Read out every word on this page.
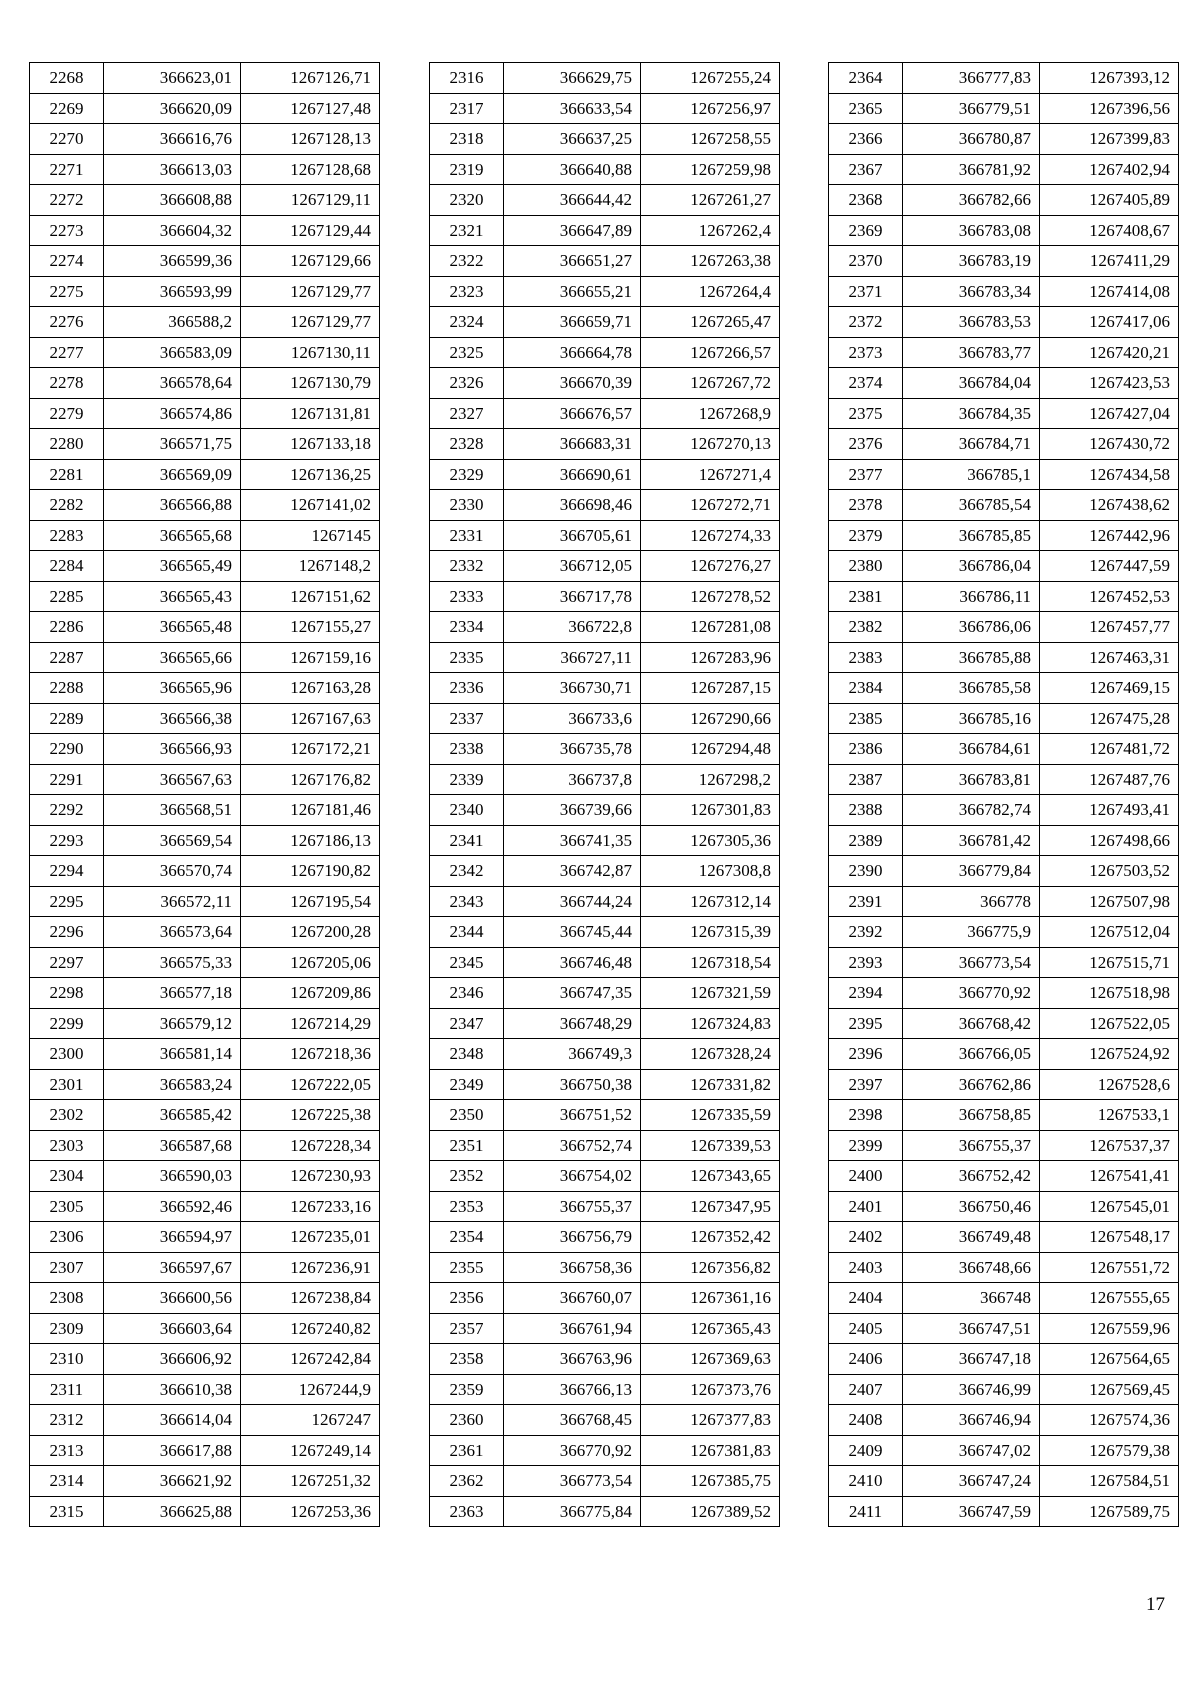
2268	366623,01	1267126,71
2269	366620,09	1267127,48
2270	366616,76	1267128,13
2271	366613,03	1267128,68
2272	366608,88	1267129,11
2273	366604,32	1267129,44
2274	366599,36	1267129,66
2275	366593,99	1267129,77
2276	366588,2	1267129,77
2277	366583,09	1267130,11
2278	366578,64	1267130,79
2279	366574,86	1267131,81
2280	366571,75	1267133,18
2281	366569,09	1267136,25
2282	366566,88	1267141,02
2283	366565,68	1267145
2284	366565,49	1267148,2
2285	366565,43	1267151,62
2286	366565,48	1267155,27
2287	366565,66	1267159,16
2288	366565,96	1267163,28
2289	366566,38	1267167,63
2290	366566,93	1267172,21
2291	366567,63	1267176,82
2292	366568,51	1267181,46
2293	366569,54	1267186,13
2294	366570,74	1267190,82
2295	366572,11	1267195,54
2296	366573,64	1267200,28
2297	366575,33	1267205,06
2298	366577,18	1267209,86
2299	366579,12	1267214,29
2300	366581,14	1267218,36
2301	366583,24	1267222,05
2302	366585,42	1267225,38
2303	366587,68	1267228,34
2304	366590,03	1267230,93
2305	366592,46	1267233,16
2306	366594,97	1267235,01
2307	366597,67	1267236,91
2308	366600,56	1267238,84
2309	366603,64	1267240,82
2310	366606,92	1267242,84
2311	366610,38	1267244,9
2312	366614,04	1267247
2313	366617,88	1267249,14
2314	366621,92	1267251,32
2315	366625,88	1267253,36
2316	366629,75	1267255,24
2317	366633,54	1267256,97
2318	366637,25	1267258,55
2319	366640,88	1267259,98
2320	366644,42	1267261,27
2321	366647,89	1267262,4
2322	366651,27	1267263,38
2323	366655,21	1267264,4
2324	366659,71	1267265,47
2325	366664,78	1267266,57
2326	366670,39	1267267,72
2327	366676,57	1267268,9
2328	366683,31	1267270,13
2329	366690,61	1267271,4
2330	366698,46	1267272,71
2331	366705,61	1267274,33
2332	366712,05	1267276,27
2333	366717,78	1267278,52
2334	366722,8	1267281,08
2335	366727,11	1267283,96
2336	366730,71	1267287,15
2337	366733,6	1267290,66
2338	366735,78	1267294,48
2339	366737,8	1267298,2
2340	366739,66	1267301,83
2341	366741,35	1267305,36
2342	366742,87	1267308,8
2343	366744,24	1267312,14
2344	366745,44	1267315,39
2345	366746,48	1267318,54
2346	366747,35	1267321,59
2347	366748,29	1267324,83
2348	366749,3	1267328,24
2349	366750,38	1267331,82
2350	366751,52	1267335,59
2351	366752,74	1267339,53
2352	366754,02	1267343,65
2353	366755,37	1267347,95
2354	366756,79	1267352,42
2355	366758,36	1267356,82
2356	366760,07	1267361,16
2357	366761,94	1267365,43
2358	366763,96	1267369,63
2359	366766,13	1267373,76
2360	366768,45	1267377,83
2361	366770,92	1267381,83
2362	366773,54	1267385,75
2363	366775,84	1267389,52
2364	366777,83	1267393,12
2365	366779,51	1267396,56
2366	366780,87	1267399,83
2367	366781,92	1267402,94
2368	366782,66	1267405,89
2369	366783,08	1267408,67
2370	366783,19	1267411,29
2371	366783,34	1267414,08
2372	366783,53	1267417,06
2373	366783,77	1267420,21
2374	366784,04	1267423,53
2375	366784,35	1267427,04
2376	366784,71	1267430,72
2377	366785,1	1267434,58
2378	366785,54	1267438,62
2379	366785,85	1267442,96
2380	366786,04	1267447,59
2381	366786,11	1267452,53
2382	366786,06	1267457,77
2383	366785,88	1267463,31
2384	366785,58	1267469,15
2385	366785,16	1267475,28
2386	366784,61	1267481,72
2387	366783,81	1267487,76
2388	366782,74	1267493,41
2389	366781,42	1267498,66
2390	366779,84	1267503,52
2391	366778	1267507,98
2392	366775,9	1267512,04
2393	366773,54	1267515,71
2394	366770,92	1267518,98
2395	366768,42	1267522,05
2396	366766,05	1267524,92
2397	366762,86	1267528,6
2398	366758,85	1267533,1
2399	366755,37	1267537,37
2400	366752,42	1267541,41
2401	366750,46	1267545,01
2402	366749,48	1267548,17
2403	366748,66	1267551,72
2404	366748	1267555,65
2405	366747,51	1267559,96
2406	366747,18	1267564,65
2407	366746,99	1267569,45
2408	366746,94	1267574,36
2409	366747,02	1267579,38
2410	366747,24	1267584,51
2411	366747,59	1267589,75
17
